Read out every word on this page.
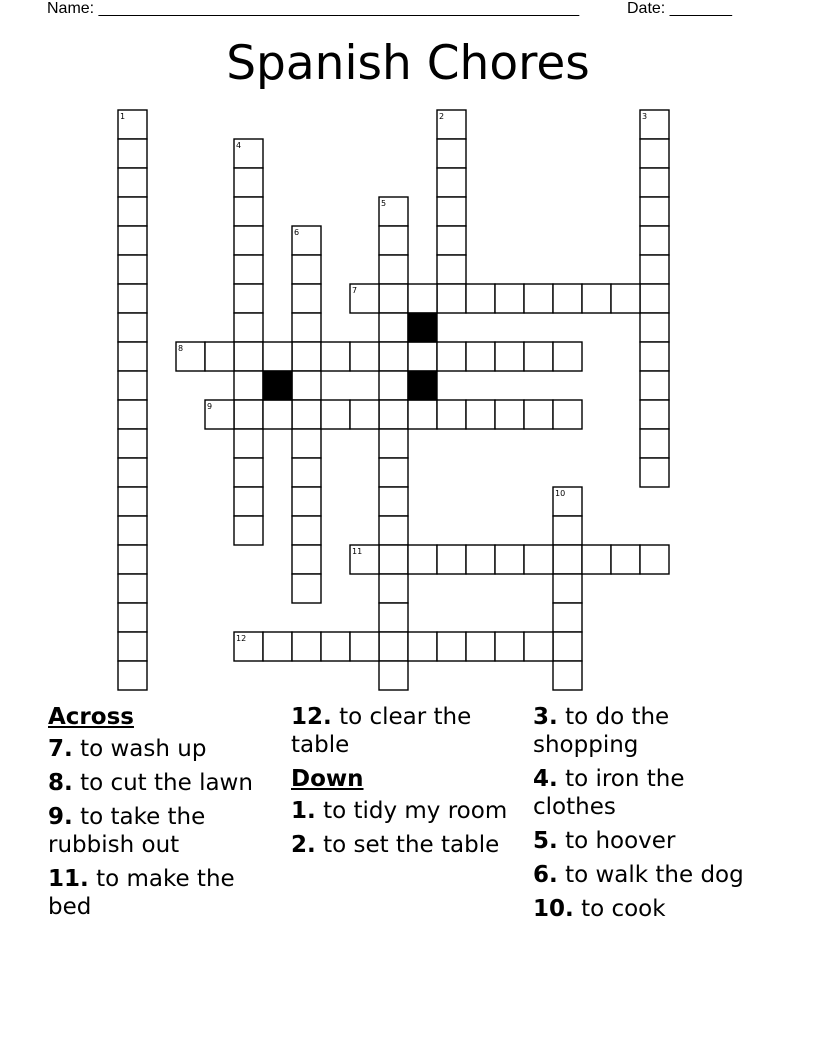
Name: ______________________________________________________	Date: _______
Spanish Chores
1	2	3
4
5
6
7
8
9
10
11
12
Across
7. to wash up
8. to cut the lawn
9. to take the rubbish out
11. to make the bed
12. to clear the table
Down
1. to tidy my room
2. to set the table
3. to do the shopping
4. to iron the clothes
5. to hoover
6. to walk the dog
10. to cook
